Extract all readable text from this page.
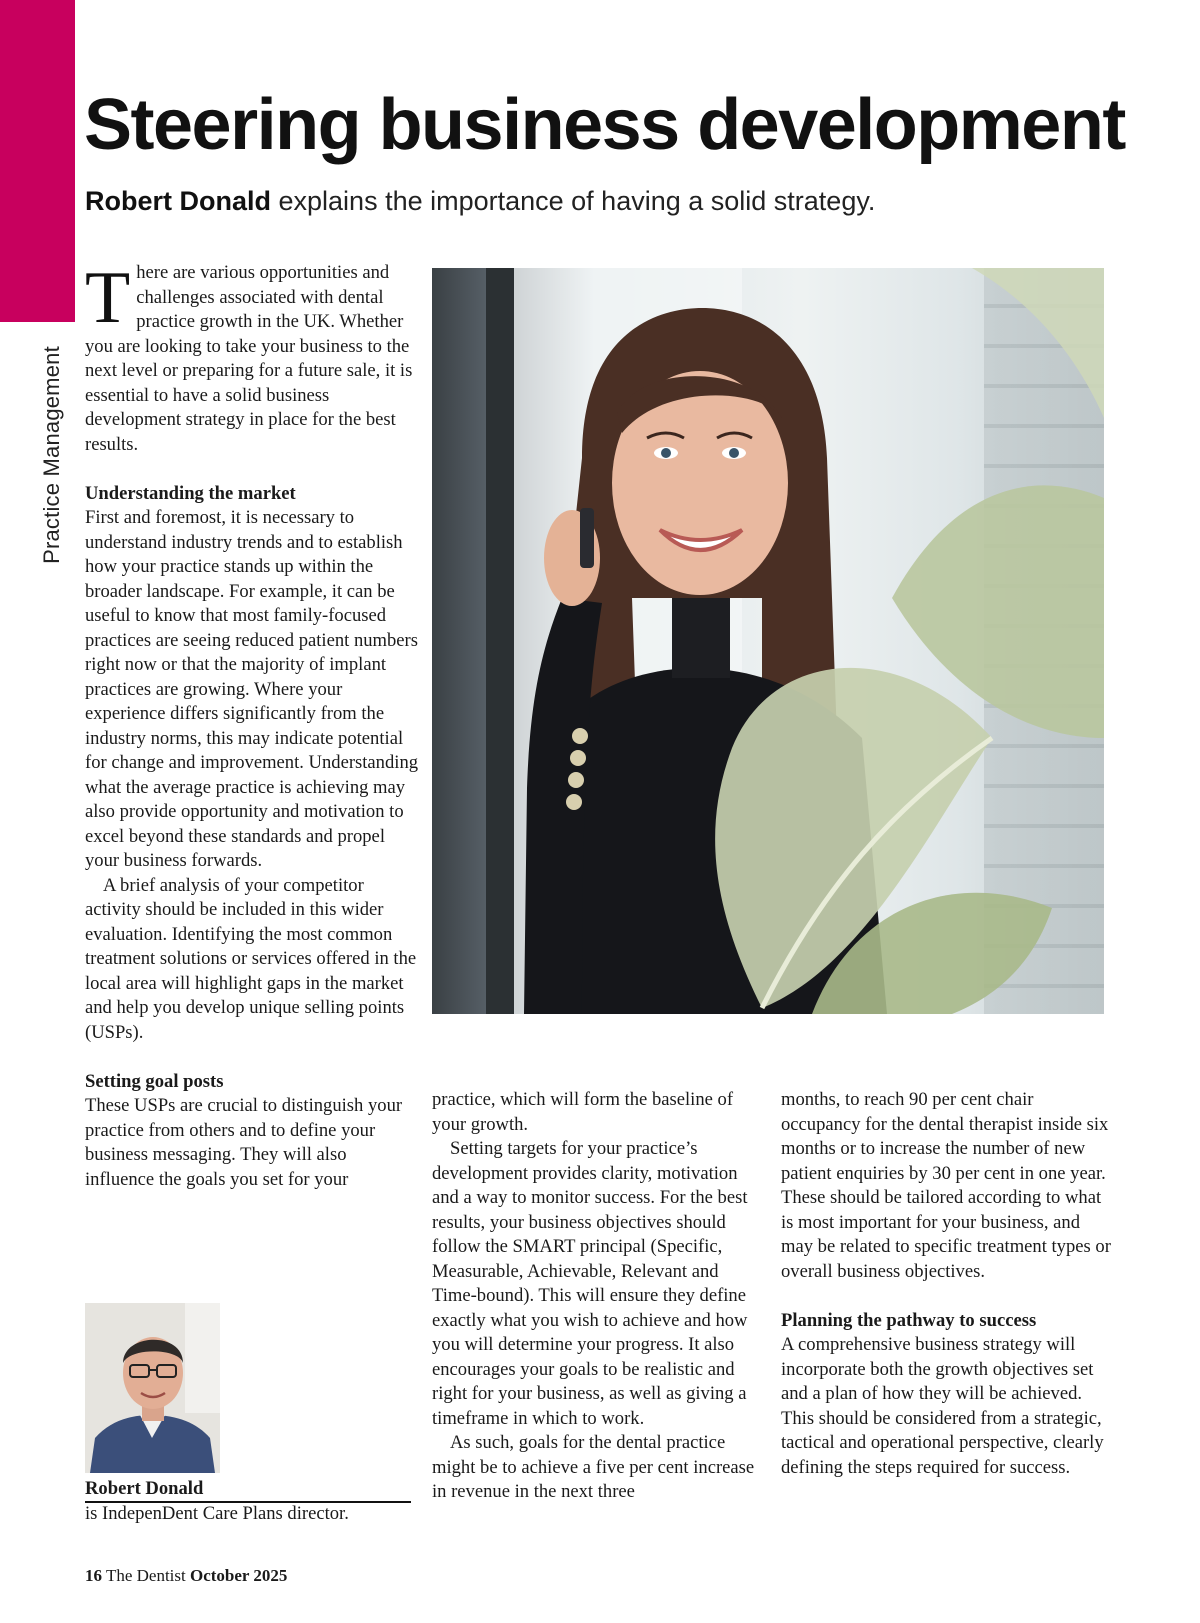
Practice Management
Steering business development

Robert Donald explains the importance of having a solid strategy.

There are various opportunities and challenges associated with dental practice growth in the UK. Whether you are looking to take your business to the next level or preparing for a future sale, it is essential to have a solid business development strategy in place for the best results.

Understanding the market

First and foremost, it is necessary to understand industry trends and to establish how your practice stands up within the broader landscape. For example, it can be useful to know that most family-focused practices are seeing reduced patient numbers right now or that the majority of implant practices are growing. Where your experience differs significantly from the industry norms, this may indicate potential for change and improvement. Understanding what the average practice is achieving may also provide opportunity and motivation to excel beyond these standards and propel your business forwards.

A brief analysis of your competitor activity should be included in this wider evaluation. Identifying the most common treatment solutions or services offered in the local area will highlight gaps in the market and help you develop unique selling points (USPs).

Setting goal posts

These USPs are crucial to distinguish your practice from others and to define your business messaging. They will also influence the goals you set for your

practice, which will form the baseline of your growth.

Setting targets for your practice’s development provides clarity, motivation and a way to monitor success. For the best results, your business objectives should follow the SMART principal (Specific, Measurable, Achievable, Relevant and Time-bound). This will ensure they define exactly what you wish to achieve and how you will determine your progress. It also encourages your goals to be realistic and right for your business, as well as giving a timeframe in which to work.

As such, goals for the dental practice might be to achieve a five per cent increase in revenue in the next three

months, to reach 90 per cent chair occupancy for the dental therapist inside six months or to increase the number of new patient enquiries by 30 per cent in one year. These should be tailored according to what is most important for your business, and may be related to specific treatment types or overall business objectives.

Planning the pathway to success

A comprehensive business strategy will incorporate both the growth objectives set and a plan of how they will be achieved. This should be considered from a strategic, tactical and operational perspective, clearly defining the steps required for success.

Robert Donald
is IndepenDent Care Plans director.
16 The Dentist October 2025
